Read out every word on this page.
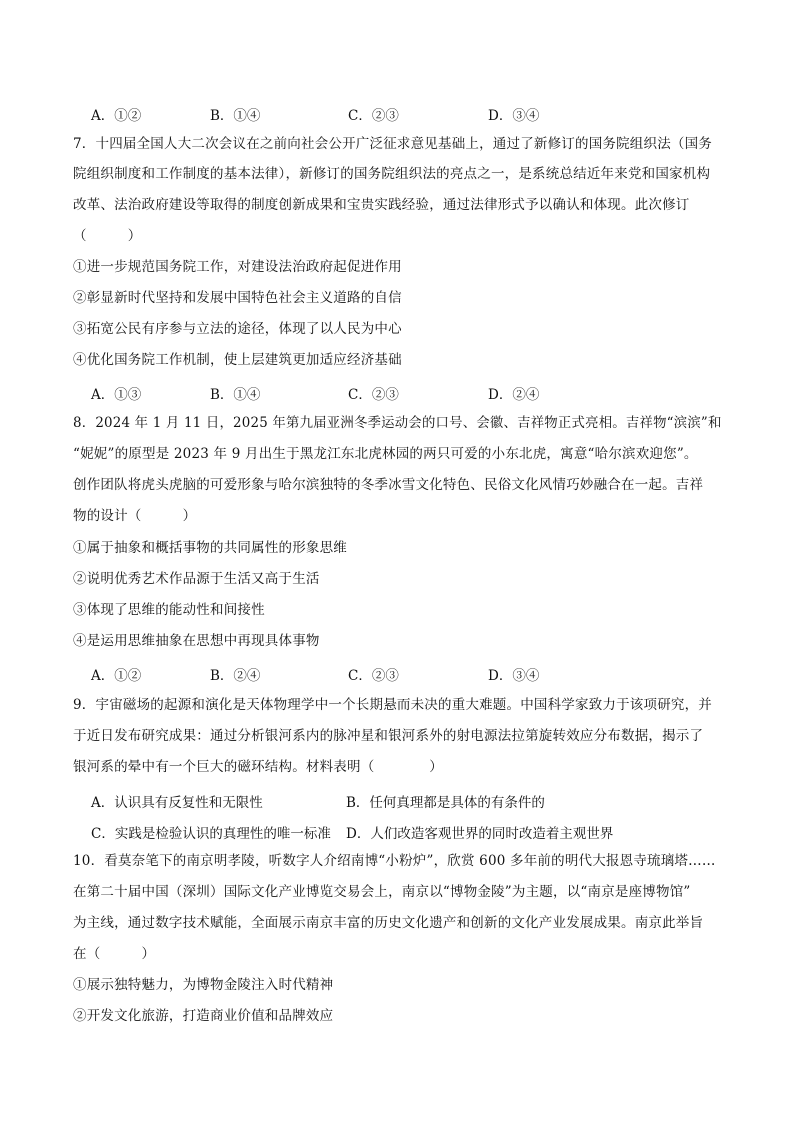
A．①②	B．①④	C．②③	D．③④
7．十四届全国人大二次会议在之前向社会公开广泛征求意见基础上，通过了新修订的国务院组织法（国务
院组织制度和工作制度的基本法律），新修订的国务院组织法的亮点之一，是系统总结近年来党和国家机构
改革、法治政府建设等取得的制度创新成果和宝贵实践经验，通过法律形式予以确认和体现。此次修订
（　　　）
①进一步规范国务院工作，对建设法治政府起促进作用
②彰显新时代坚持和发展中国特色社会主义道路的自信
③拓宽公民有序参与立法的途径，体现了以人民为中心
④优化国务院工作机制，使上层建筑更加适应经济基础
A．①③	B．①④	C．②③	D．②④
8．2024 年 1 月 11 日，2025 年第九届亚洲冬季运动会的口号、会徽、吉祥物正式亮相。吉祥物“滨滨”和
“妮妮”的原型是 2023 年 9 月出生于黑龙江东北虎林园的两只可爱的小东北虎，寓意“哈尔滨欢迎您”。
创作团队将虎头虎脑的可爱形象与哈尔滨独特的冬季冰雪文化特色、民俗文化风情巧妙融合在一起。吉祥
物的设计（　　　）
①属于抽象和概括事物的共同属性的形象思维
②说明优秀艺术作品源于生活又高于生活
③体现了思维的能动性和间接性
④是运用思维抽象在思想中再现具体事物
A．①②	B．②④	C．②③	D．③④
9．宇宙磁场的起源和演化是天体物理学中一个长期悬而未决的重大难题。中国科学家致力于该项研究，并
于近日发布研究成果：通过分析银河系内的脉冲星和银河系外的射电源法拉第旋转效应分布数据，揭示了
银河系的晕中有一个巨大的磁环结构。材料表明（　　　　）
A．认识具有反复性和无限性	B．任何真理都是具体的有条件的
C．实践是检验认识的真理性的唯一标准 D．人们改造客观世界的同时改造着主观世界
10．看莫奈笔下的南京明孝陵，听数字人介绍南博“小粉炉”，欣赏 600 多年前的明代大报恩寺琉璃塔……
在第二十届中国（深圳）国际文化产业博览交易会上，南京以“博物金陵”为主题，以“南京是座博物馆”
为主线，通过数字技术赋能，全面展示南京丰富的历史文化遗产和创新的文化产业发展成果。南京此举旨
在（　　　）
①展示独特魅力，为博物金陵注入时代精神
②开发文化旅游，打造商业价值和品牌效应
